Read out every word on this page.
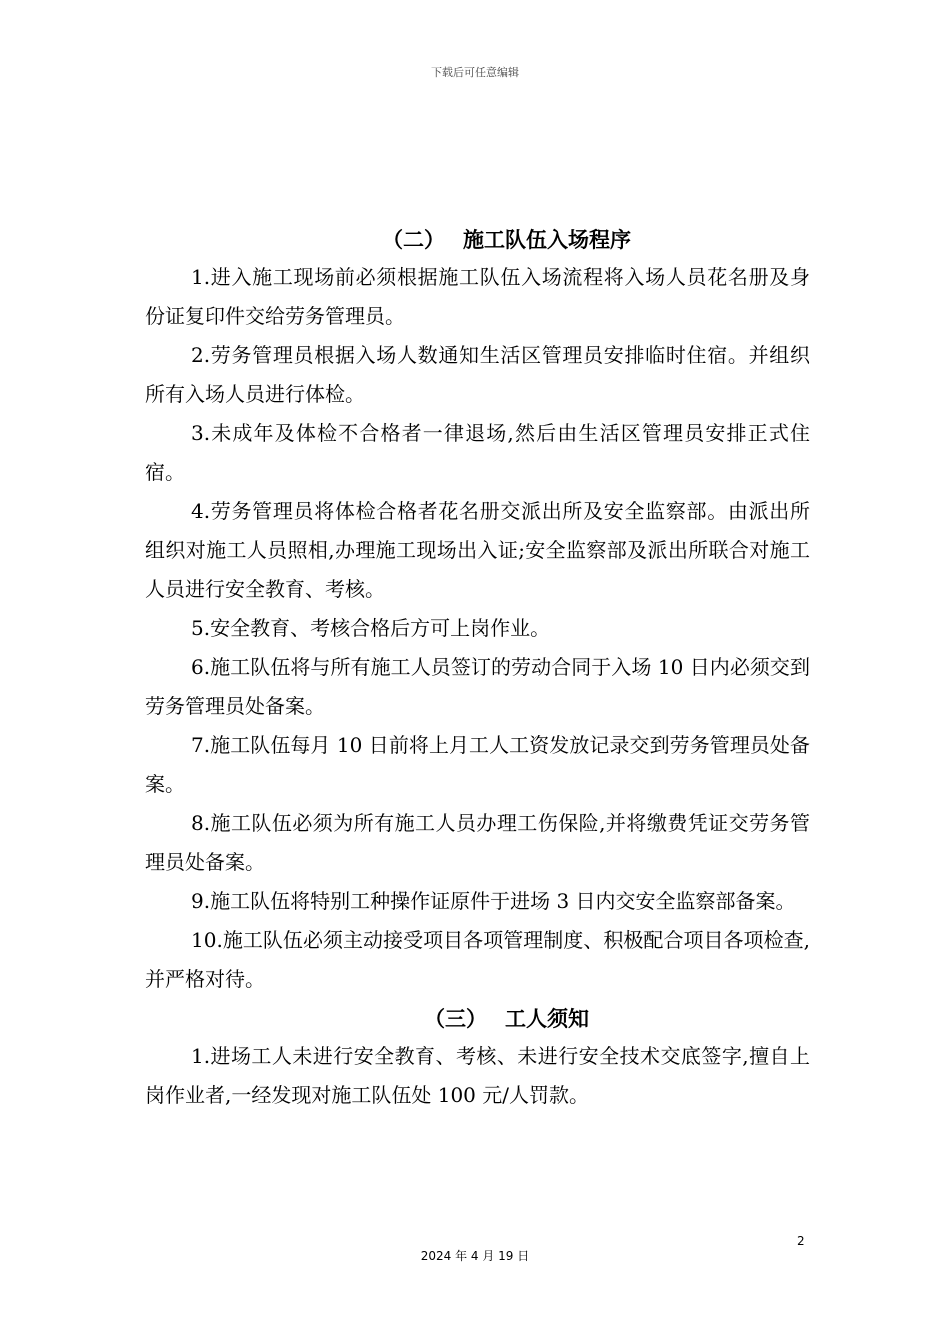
下载后可任意编辑
（二） 施工队伍入场程序
1.进入施工现场前必须根据施工队伍入场流程将入场人员花名册及身份证复印件交给劳务管理员。
2.劳务管理员根据入场人数通知生活区管理员安排临时住宿。并组织所有入场人员进行体检。
3.未成年及体检不合格者一律退场,然后由生活区管理员安排正式住宿。
4.劳务管理员将体检合格者花名册交派出所及安全监察部。由派出所组织对施工人员照相,办理施工现场出入证;安全监察部及派出所联合对施工人员进行安全教育、考核。
5.安全教育、考核合格后方可上岗作业。
6.施工队伍将与所有施工人员签订的劳动合同于入场 10 日内必须交到劳务管理员处备案。
7.施工队伍每月 10 日前将上月工人工资发放记录交到劳务管理员处备案。
8.施工队伍必须为所有施工人员办理工伤保险,并将缴费凭证交劳务管理员处备案。
9.施工队伍将特别工种操作证原件于进场 3 日内交安全监察部备案。
10.施工队伍必须主动接受项目各项管理制度、积极配合项目各项检查,并严格对待。
（三） 工人须知
1.进场工人未进行安全教育、考核、未进行安全技术交底签字,擅自上岗作业者,一经发现对施工队伍处 100 元/人罚款。
2
2024 年 4 月 19 日
